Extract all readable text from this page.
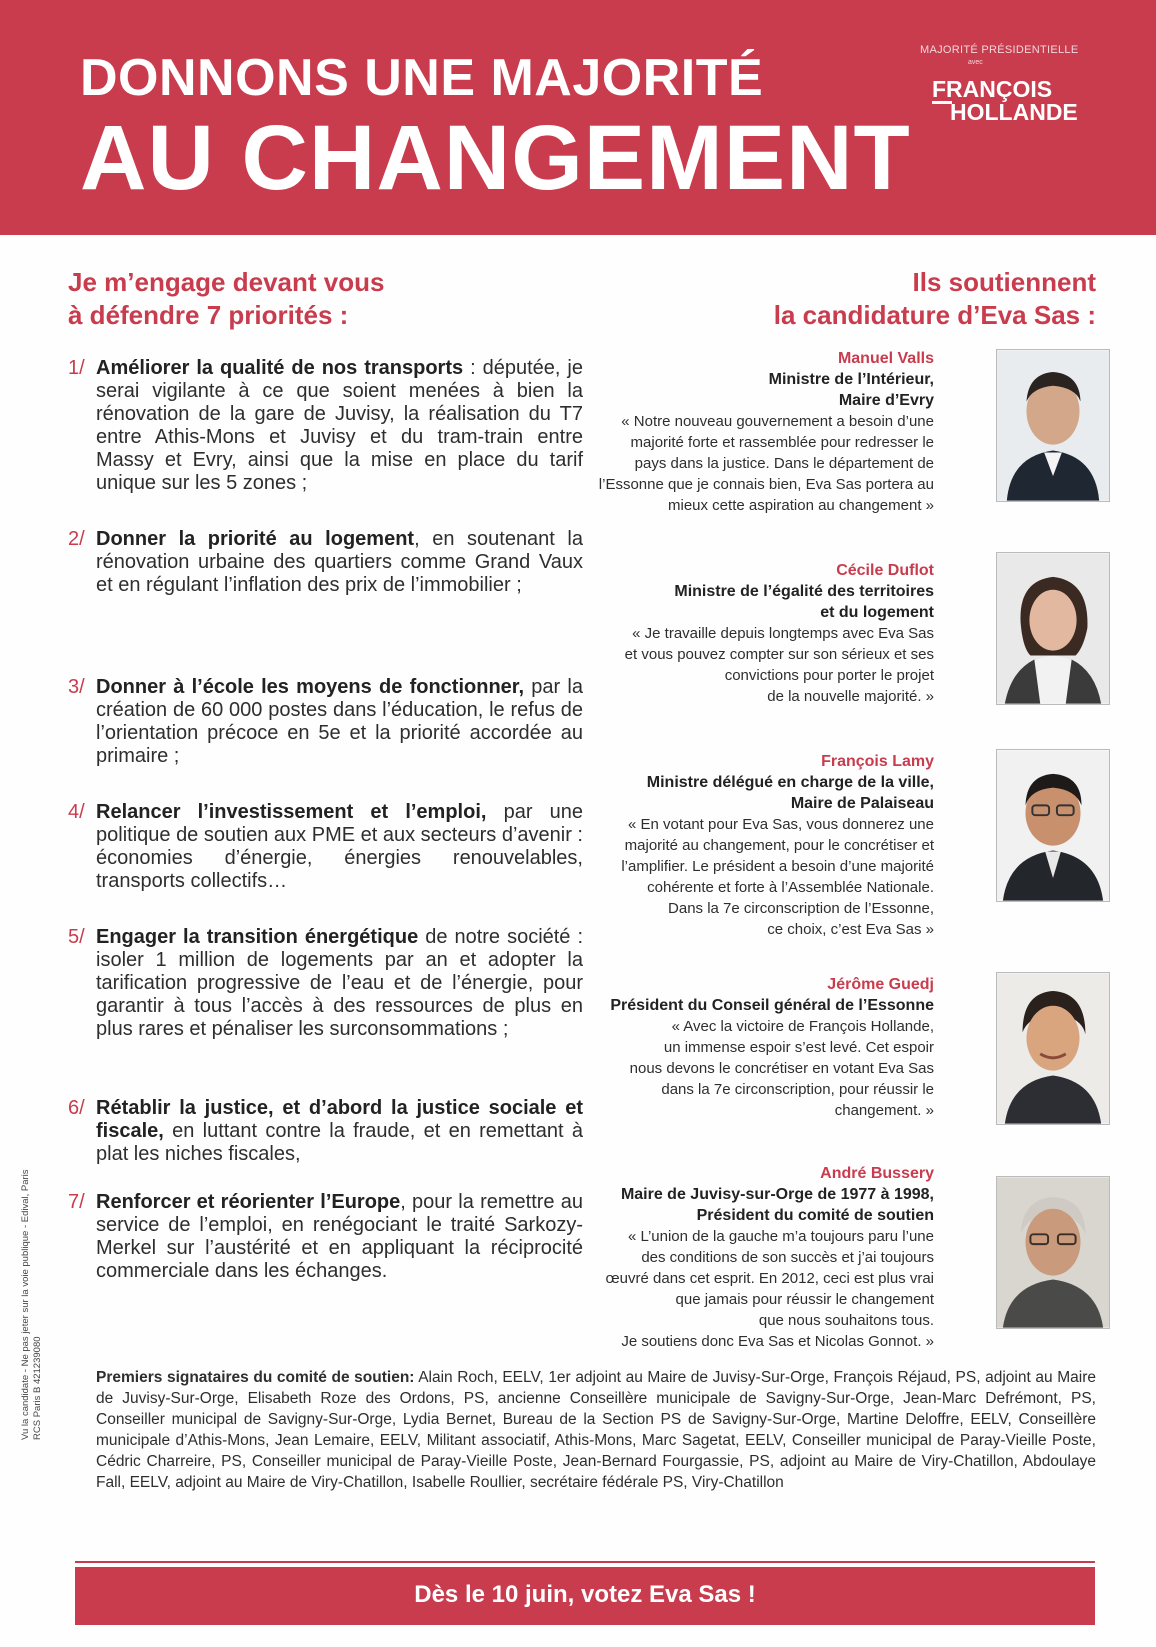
DONNONS UNE MAJORITÉ
AU CHANGEMENT
MAJORITÉ PRÉSIDENTIELLE
avec
FRANÇOIS
HOLLANDE
Je m’engage devant vous
à défendre 7 priorités :
Ils soutiennent
la candidature d’Eva Sas :
1/ Améliorer la qualité de nos transports : députée, je serai vigilante à ce que soient menées à bien la rénovation de la gare de Juvisy, la réalisation du T7 entre Athis-Mons et Juvisy et du tram-train entre Massy et Evry, ainsi que la mise en place du tarif unique sur les 5 zones ;
2/ Donner la priorité au logement, en soutenant la rénovation urbaine des quartiers comme Grand Vaux et en régulant l’inflation des prix de l’immobilier ;
3/ Donner à l’école les moyens de fonctionner, par la création de 60 000 postes dans l’éducation, le refus de l’orientation précoce en 5e et la priorité accordée au primaire ;
4/ Relancer l’investissement et l’emploi, par une politique de soutien aux PME et aux secteurs d’avenir : économies d’énergie, énergies renouvelables, transports collectifs…
5/ Engager la transition énergétique de notre société : isoler 1 million de logements par an et adopter la tarification progressive de l’eau et de l’énergie, pour garantir à tous l’accès à des ressources de plus en plus rares et pénaliser les surconsommations ;
6/ Rétablir la justice, et d’abord la justice sociale et fiscale, en luttant contre la fraude, et en remettant à plat les niches fiscales,
7/ Renforcer et réorienter l’Europe, pour la remettre au service de l’emploi, en renégociant le traité Sarkozy-Merkel sur l’austérité et en appliquant la réciprocité commerciale dans les échanges.
Manuel Valls
Ministre de l’Intérieur,
Maire d’Evry
« Notre nouveau gouvernement a besoin d’une
majorité forte et rassemblée pour redresser le
pays dans la justice. Dans le département de
l’Essonne que je connais bien, Eva Sas portera au
mieux cette aspiration au changement »
Cécile Duflot
Ministre de l’égalité des territoires
et du logement
« Je travaille depuis longtemps avec Eva Sas
et vous pouvez compter sur son sérieux et ses
convictions pour porter le projet
de la nouvelle majorité. »
François Lamy
Ministre délégué en charge de la ville,
Maire de Palaiseau
« En votant pour Eva Sas, vous donnerez une
majorité au changement, pour le concrétiser et
l’amplifier. Le président a besoin d’une majorité
cohérente et forte à l’Assemblée Nationale.
Dans la 7e circonscription de l’Essonne,
ce choix, c’est Eva Sas »
Jérôme Guedj
Président du Conseil général de l’Essonne
« Avec la victoire de François Hollande,
un immense espoir s’est levé. Cet espoir
nous devons le concrétiser en votant Eva Sas
dans la 7e circonscription, pour réussir le
changement. »
André Bussery
Maire de Juvisy-sur-Orge de 1977 à 1998,
Président du comité de soutien
« L’union de la gauche m’a toujours paru l’une
des conditions de son succès et j’ai toujours
œuvré dans cet esprit. En 2012, ceci est plus vrai
que jamais pour réussir le changement
que nous souhaitons tous.
Je soutiens donc Eva Sas et Nicolas Gonnot. »
Vu la candidate - Ne pas jeter sur la voie publique - Edival, Paris RCS Paris B 421239080	Premiers signataires du comité de soutien: Alain Roch, EELV, 1er adjoint au Maire de Juvisy-Sur-Orge, François Réjaud, PS, adjoint au Maire de Juvisy-Sur-Orge, Elisabeth Roze des Ordons, PS, ancienne Conseillère municipale de Savigny-Sur-Orge, Jean-Marc Defrémont, PS, Conseiller municipal de Savigny-Sur-Orge, Lydia Bernet, Bureau de la Section PS de Savigny-Sur-Orge, Martine Deloffre, EELV, Conseillère municipale d’Athis-Mons, Jean Lemaire, EELV, Militant associatif, Athis-Mons, Marc Sagetat, EELV, Conseiller municipal de Paray-Vieille Poste, Cédric Charreire, PS, Conseiller municipal de Paray-Vieille Poste, Jean-Bernard Fourgassie, PS, adjoint au Maire de Viry-Chatillon, Abdoulaye Fall, EELV, adjoint au Maire de Viry-Chatillon, Isabelle Roullier, secrétaire fédérale PS, Viry-Chatillon
Dès le 10 juin, votez Eva Sas !
